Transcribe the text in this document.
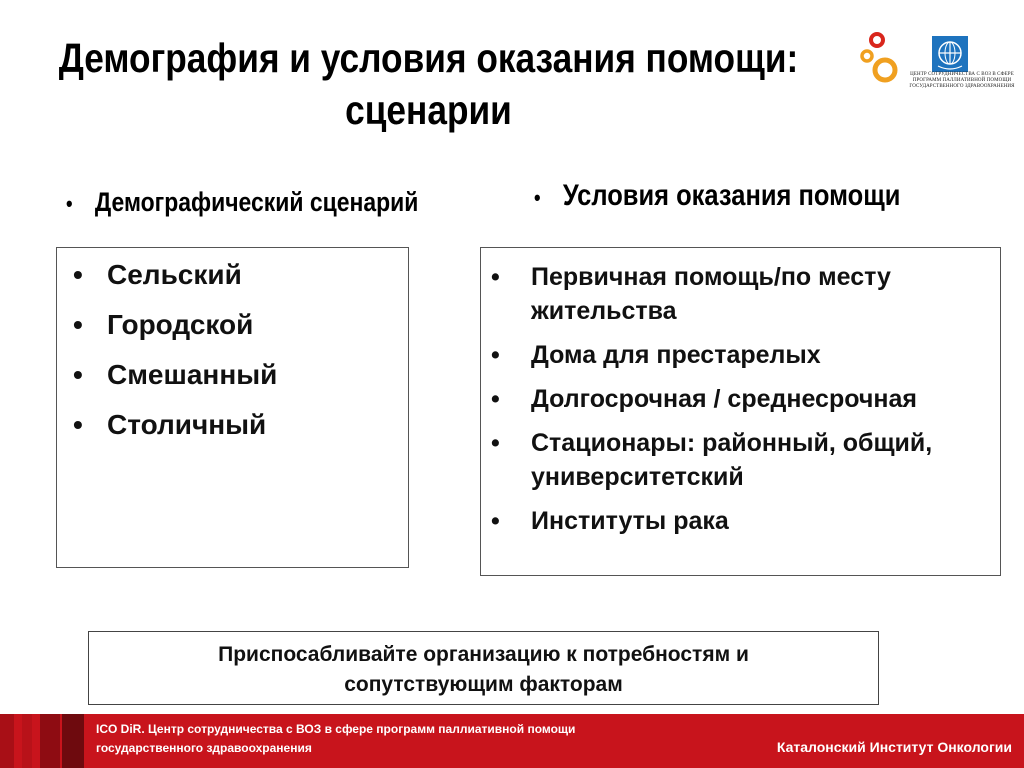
Демография и условия оказания помощи:
сценарии
ЦЕНТР СОТРУДНИЧЕСТВА С ВОЗ В СФЕРЕ ПРОГРАММ ПАЛЛИАТИВНОЙ ПОМОЩИ ГОСУДАРСТВЕННОГО ЗДРАВООХРАНЕНИЯ
• Демографический сценарий	• Условия оказания помощи
• Сельский
• Городской
• Смешанный
• Столичный
• Первичная помощь/по месту жительства
• Дома для престарелых
• Долгосрочная / среднесрочная
• Стационары: районный, общий, университетский
• Институты рака
Приспосабливайте организацию к потребностям и
сопутствующим факторам
ICO DiR. Центр сотрудничества с ВОЗ в сфере программ паллиативной помощи
государственного здравоохранения	Каталонский Институт Онкологии
